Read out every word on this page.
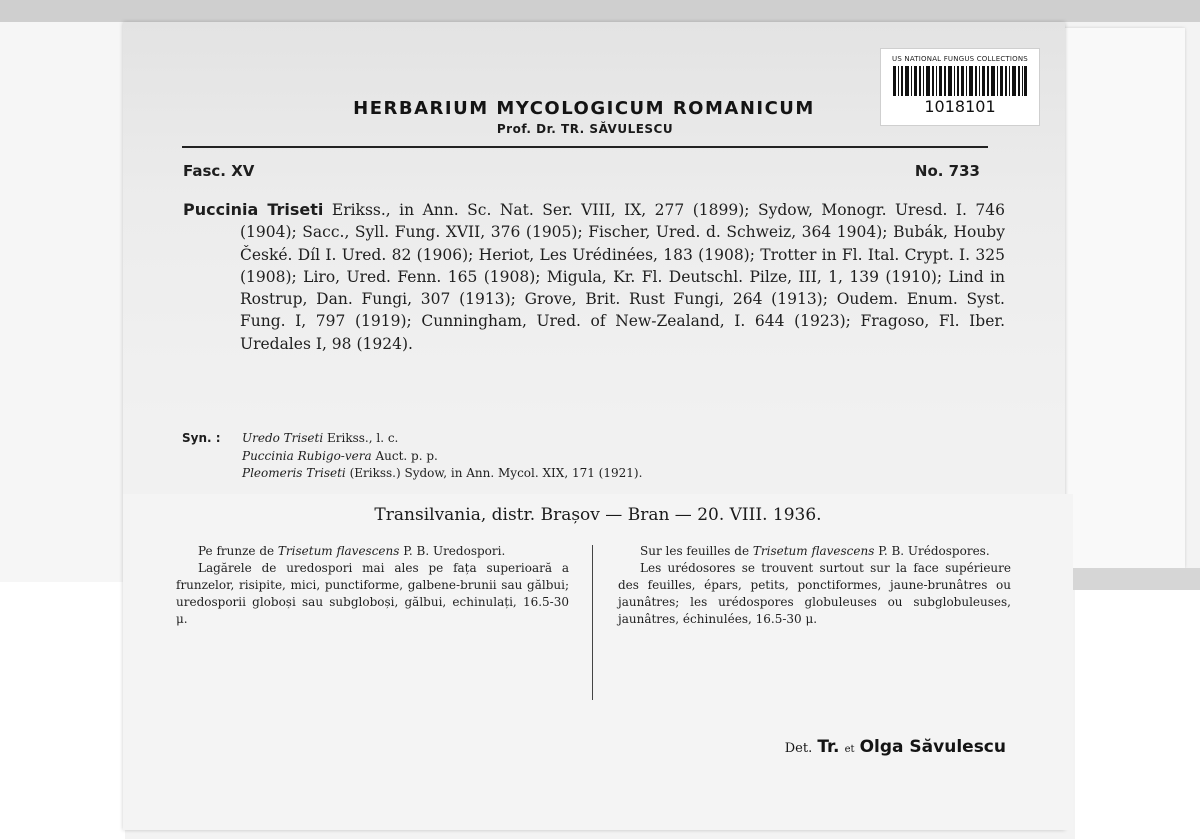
US NATIONAL FUNGUS COLLECTIONS
1018101
HERBARIUM MYCOLOGICUM ROMANICUM
Prof. Dr. TR. SĂVULESCU
Fasc. XV	No. 733
Puccinia Triseti Erikss., in Ann. Sc. Nat. Ser. VIII, IX, 277 (1899); Sydow, Monogr. Uresd. I. 746 (1904); Sacc., Syll. Fung. XVII, 376 (1905); Fischer, Ured. d. Schweiz, 364 1904); Bubák, Houby České. Díl I. Ured. 82 (1906); Heriot, Les Urédinées, 183 (1908); Trotter in Fl. Ital. Crypt. I. 325 (1908); Liro, Ured. Fenn. 165 (1908); Migula, Kr. Fl. Deutschl. Pilze, III, 1, 139 (1910); Lind in Rostrup, Dan. Fungi, 307 (1913); Grove, Brit. Rust Fungi, 264 (1913); Oudem. Enum. Syst. Fung. I, 797 (1919); Cunningham, Ured. of New-Zealand, I. 644 (1923); Fragoso, Fl. Iber. Uredales I, 98 (1924).
Syn. : Uredo Triseti Erikss., l. c.
Puccinia Rubigo-vera Auct. p. p.
Pleomeris Triseti (Erikss.) Sydow, in Ann. Mycol. XIX, 171 (1921).
Transilvania, distr. Brașov — Bran — 20. VIII. 1936.

Pe frunze de Trisetum flavescens P. B. Uredospori.

Lagărele de uredospori mai ales pe fața superioară a frunzelor, risipite, mici, punctiforme, galbene-brunii sau gălbui; uredosporii globoși sau subgloboși, gălbui, echinulați, 16.5-30 μ.

Sur les feuilles de Trisetum flavescens P. B. Urédospores.

Les urédosores se trouvent surtout sur la face supérieure des feuilles, épars, petits, ponctiformes, jaune-brunâtres ou jaunâtres; les urédospores globuleuses ou subglobuleuses, jaunâtres, échinulées, 16.5-30 μ.

Det. Tr. et Olga Săvulescu
